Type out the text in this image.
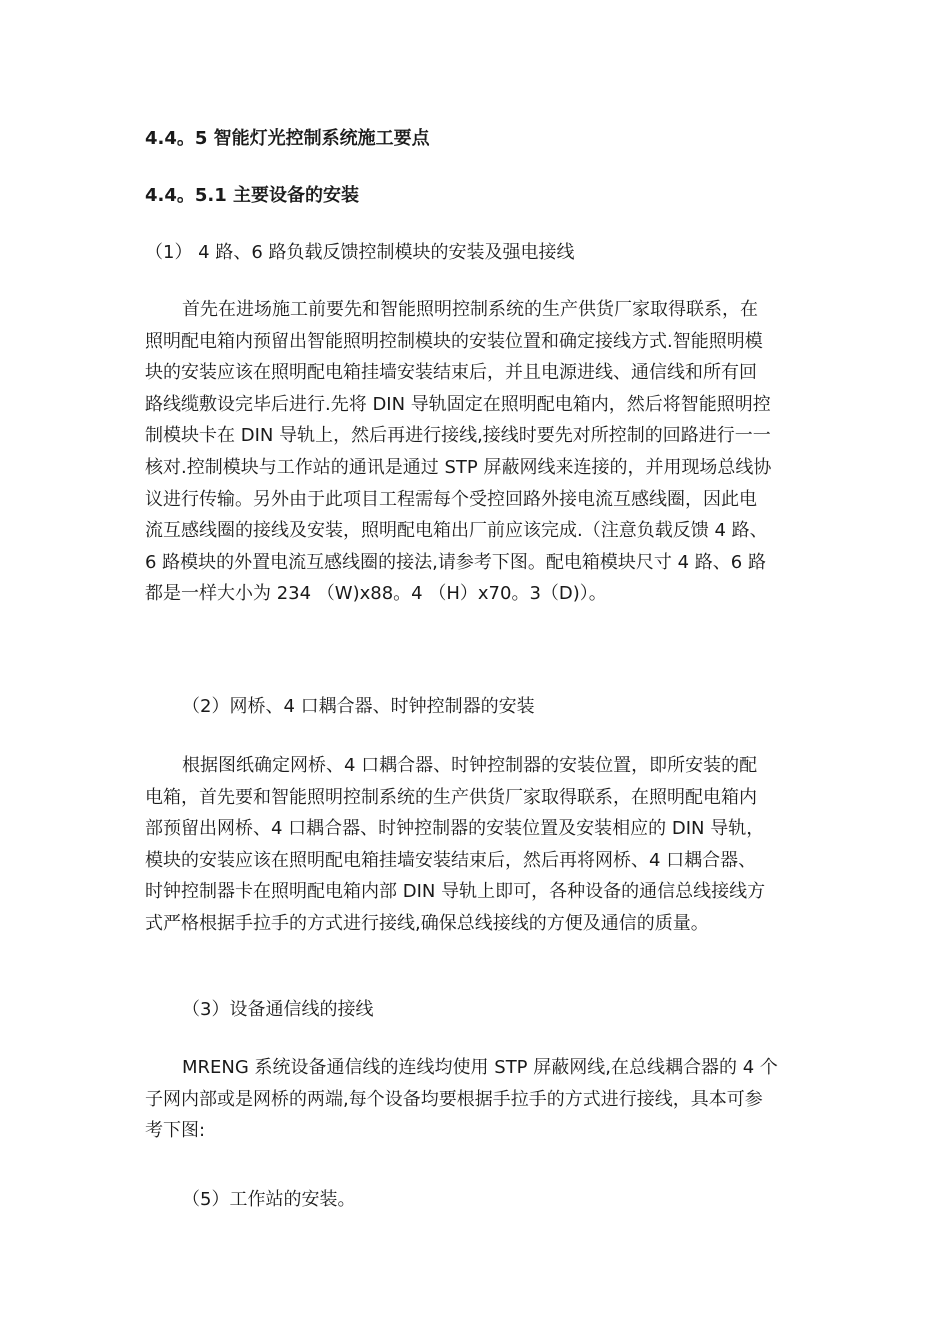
4.4。5 智能灯光控制系统施工要点
4.4。5.1 主要设备的安装
（1） 4 路、6 路负载反馈控制模块的安装及强电接线
首先在进场施工前要先和智能照明控制系统的生产供货厂家取得联系，在
照明配电箱内预留出智能照明控制模块的安装位置和确定接线方式.智能照明模
块的安装应该在照明配电箱挂墙安装结束后，并且电源进线、通信线和所有回
路线缆敷设完毕后进行.先将 DIN 导轨固定在照明配电箱内，然后将智能照明控
制模块卡在 DIN 导轨上，然后再进行接线,接线时要先对所控制的回路进行一一
核对.控制模块与工作站的通讯是通过 STP 屏蔽网线来连接的，并用现场总线协
议进行传输。另外由于此项目工程需每个受控回路外接电流互感线圈，因此电
流互感线圈的接线及安装，照明配电箱出厂前应该完成.（注意负载反馈 4 路、
6 路模块的外置电流互感线圈的接法,请参考下图。配电箱模块尺寸 4 路、6 路
都是一样大小为 234 （W)x88。4 （H）x70。3（D)）。
（2）网桥、4 口耦合器、时钟控制器的安装
根据图纸确定网桥、4 口耦合器、时钟控制器的安装位置，即所安装的配
电箱，首先要和智能照明控制系统的生产供货厂家取得联系，在照明配电箱内
部预留出网桥、4 口耦合器、时钟控制器的安装位置及安装相应的 DIN 导轨，
模块的安装应该在照明配电箱挂墙安装结束后，然后再将网桥、4 口耦合器、
时钟控制器卡在照明配电箱内部 DIN 导轨上即可，各种设备的通信总线接线方
式严格根据手拉手的方式进行接线,确保总线接线的方便及通信的质量。
（3）设备通信线的接线
MRENG 系统设备通信线的连线均使用 STP 屏蔽网线,在总线耦合器的 4 个
子网内部或是网桥的两端,每个设备均要根据手拉手的方式进行接线，具本可参
考下图:
（5）工作站的安装。
